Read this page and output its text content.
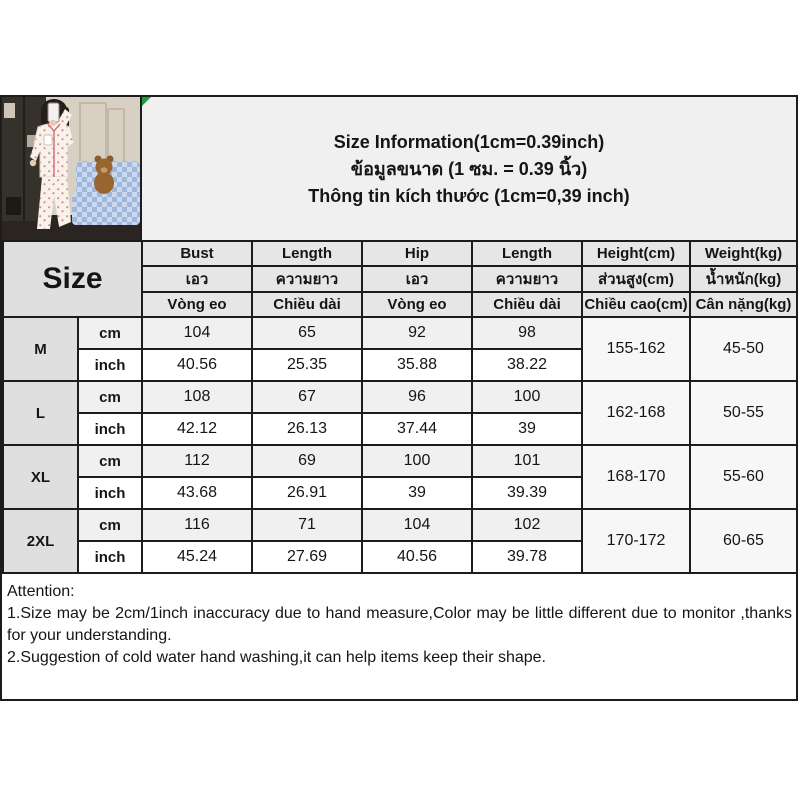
Size Information(1cm=0.39inch)
ข้อมูลขนาด (1 ซม. = 0.39 นิ้ว)
Thông tin kích thước (1cm=0,39 inch)
Size		Bust	Length	Hip	Length	Height(cm)	Weight(kg)
		เอว	ความยาว	เอว	ความยาว	ส่วนสูง(cm)	น้ำหนัก(kg)
		Vòng eo	Chiều dài	Vòng eo	Chiều dài	Chiều cao(cm)	Cân nặng(kg)
M	cm	104	65	92	98	155-162	45-50
	inch	40.56	25.35	35.88	38.22		
L	cm	108	67	96	100	162-168	50-55
	inch	42.12	26.13	37.44	39		
XL	cm	112	69	100	101	168-170	55-60
	inch	43.68	26.91	39	39.39		
2XL	cm	116	71	104	102	170-172	60-65
	inch	45.24	27.69	40.56	39.78		
Attention:

1.Size may be 2cm/1inch inaccuracy due to hand measure,Color may be little different due to monitor ,thanks for your understanding.

2.Suggestion of cold water hand washing,it can help items keep their shape.
